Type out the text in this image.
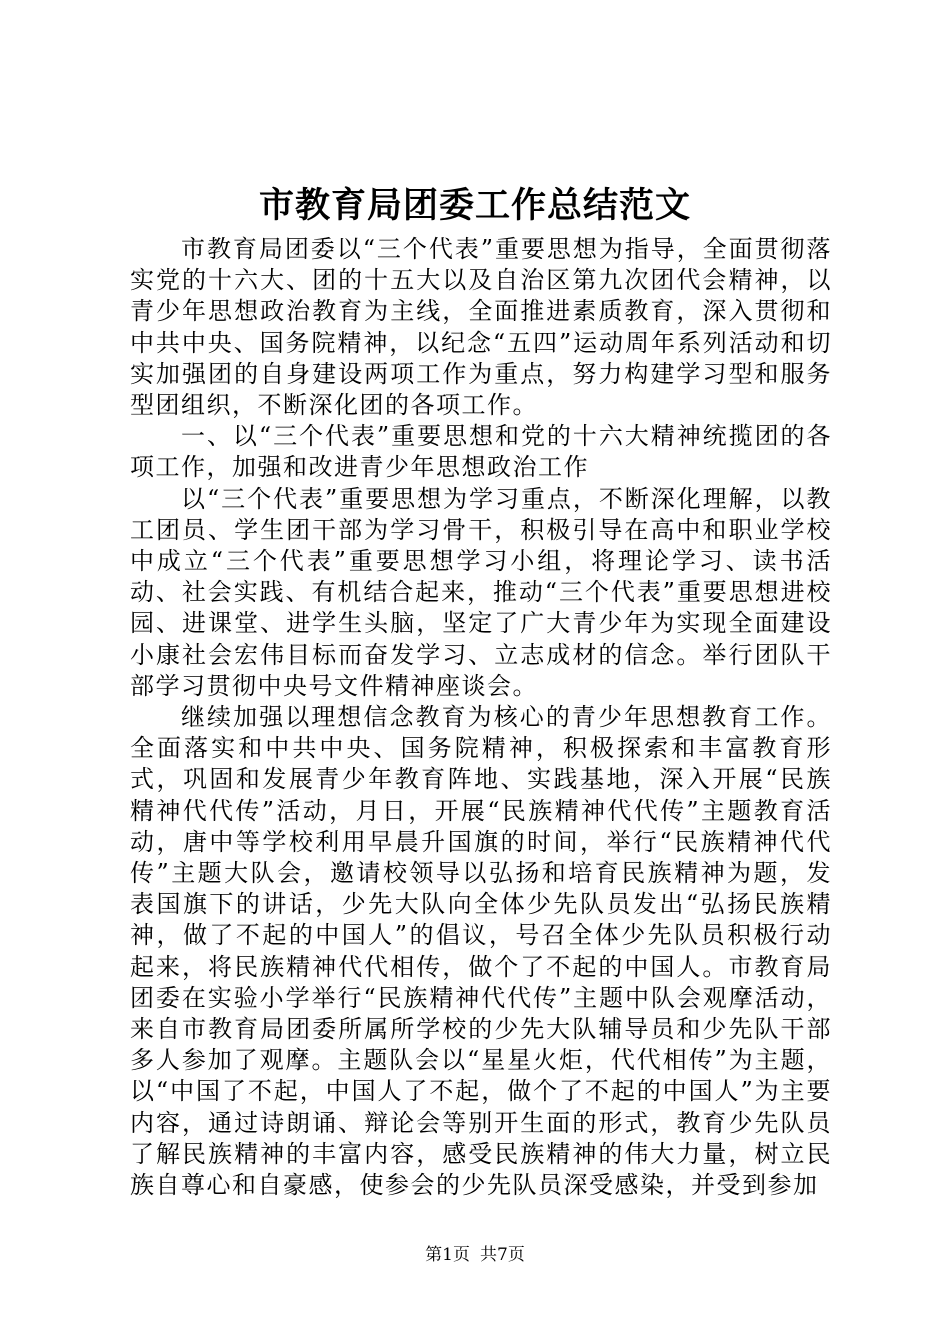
市教育局团委工作总结范文

市教育局团委以“三个代表”重要思想为指导，全面贯彻落实党的十六大、团的十五大以及自治区第九次团代会精神，以青少年思想政治教育为主线，全面推进素质教育，深入贯彻和中共中央、国务院精神，以纪念“五四”运动周年系列活动和切实加强团的自身建设两项工作为重点，努力构建学习型和服务型团组织，不断深化团的各项工作。

一、以“三个代表”重要思想和党的十六大精神统揽团的各项工作，加强和改进青少年思想政治工作

以“三个代表”重要思想为学习重点，不断深化理解，以教工团员、学生团干部为学习骨干，积极引导在高中和职业学校中成立“三个代表”重要思想学习小组，将理论学习、读书活动、社会实践、有机结合起来，推动“三个代表”重要思想进校园、进课堂、进学生头脑，坚定了广大青少年为实现全面建设小康社会宏伟目标而奋发学习、立志成材的信念。举行团队干部学习贯彻中央号文件精神座谈会。

继续加强以理想信念教育为核心的青少年思想教育工作。全面落实和中共中央、国务院精神，积极探索和丰富教育形式，巩固和发展青少年教育阵地、实践基地，深入开展“民族精神代代传”活动，月日，开展“民族精神代代传”主题教育活动，唐中等学校利用早晨升国旗的时间，举行“民族精神代代传”主题大队会，邀请校领导以弘扬和培育民族精神为题，发表国旗下的讲话，少先大队向全体少先队员发出“弘扬民族精神，做了不起的中国人”的倡议，号召全体少先队员积极行动起来，将民族精神代代相传，做个了不起的中国人。市教育局团委在实验小学举行“民族精神代代传”主题中队会观摩活动，来自市教育局团委所属所学校的少先大队辅导员和少先队干部多人参加了观摩。主题队会以“星星火炬，代代相传”为主题，以“中国了不起，中国人了不起，做个了不起的中国人”为主要内容，通过诗朗诵、辩论会等别开生面的形式，教育少先队员了解民族精神的丰富内容，感受民族精神的伟大力量，树立民族自尊心和自豪感，使参会的少先队员深受感染，并受到参加

第1页 共7页
